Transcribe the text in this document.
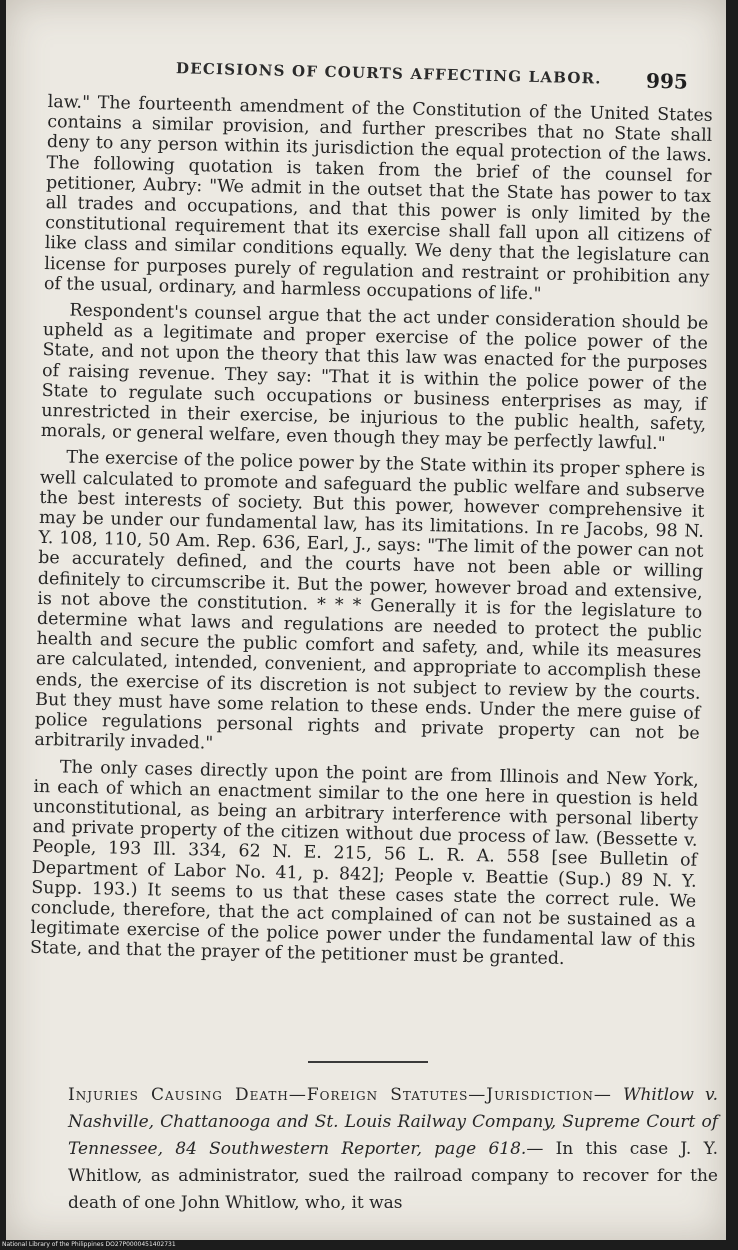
DECISIONS OF COURTS AFFECTING LABOR. 995

law." The fourteenth amendment of the Constitution of the United States contains a similar provision, and further prescribes that no State shall deny to any person within its jurisdiction the equal protection of the laws. The following quotation is taken from the brief of the counsel for petitioner, Aubry: "We admit in the outset that the State has power to tax all trades and occupations, and that this power is only limited by the constitutional requirement that its exercise shall fall upon all citizens of like class and similar conditions equally. We deny that the legislature can license for purposes purely of regulation and restraint or prohibition any of the usual, ordinary, and harmless occupations of life."

Respondent's counsel argue that the act under consideration should be upheld as a legitimate and proper exercise of the police power of the State, and not upon the theory that this law was enacted for the purposes of raising revenue. They say: "That it is within the police power of the State to regulate such occupations or business enterprises as may, if unrestricted in their exercise, be injurious to the public health, safety, morals, or general welfare, even though they may be perfectly lawful."

The exercise of the police power by the State within its proper sphere is well calculated to promote and safeguard the public welfare and subserve the best interests of society. But this power, however comprehensive it may be under our fundamental law, has its limitations. In re Jacobs, 98 N. Y. 108, 110, 50 Am. Rep. 636, Earl, J., says: "The limit of the power can not be accurately defined, and the courts have not been able or willing definitely to circumscribe it. But the power, however broad and extensive, is not above the constitution. * * * Generally it is for the legislature to determine what laws and regulations are needed to protect the public health and secure the public comfort and safety, and, while its measures are calculated, intended, convenient, and appropriate to accomplish these ends, the exercise of its discretion is not subject to review by the courts. But they must have some relation to these ends. Under the mere guise of police regulations personal rights and private property can not be arbitrarily invaded."

The only cases directly upon the point are from Illinois and New York, in each of which an enactment similar to the one here in question is held unconstitutional, as being an arbitrary interference with personal liberty and private property of the citizen without due process of law. (Bessette v. People, 193 Ill. 334, 62 N. E. 215, 56 L. R. A. 558 [see Bulletin of Department of Labor No. 41, p. 842]; People v. Beattie (Sup.) 89 N. Y. Supp. 193.) It seems to us that these cases state the correct rule. We conclude, therefore, that the act complained of can not be sustained as a legitimate exercise of the police power under the fundamental law of this State, and that the prayer of the petitioner must be granted.

Injuries Causing Death—Foreign Statutes—Jurisdiction— Whitlow v. Nashville, Chattanooga and St. Louis Railway Company, Supreme Court of Tennessee, 84 Southwestern Reporter, page 618.— In this case J. Y. Whitlow, as administrator, sued the railroad company to recover for the death of one John Whitlow, who, it was

National Library of the Philippines DO27P0000451402731
